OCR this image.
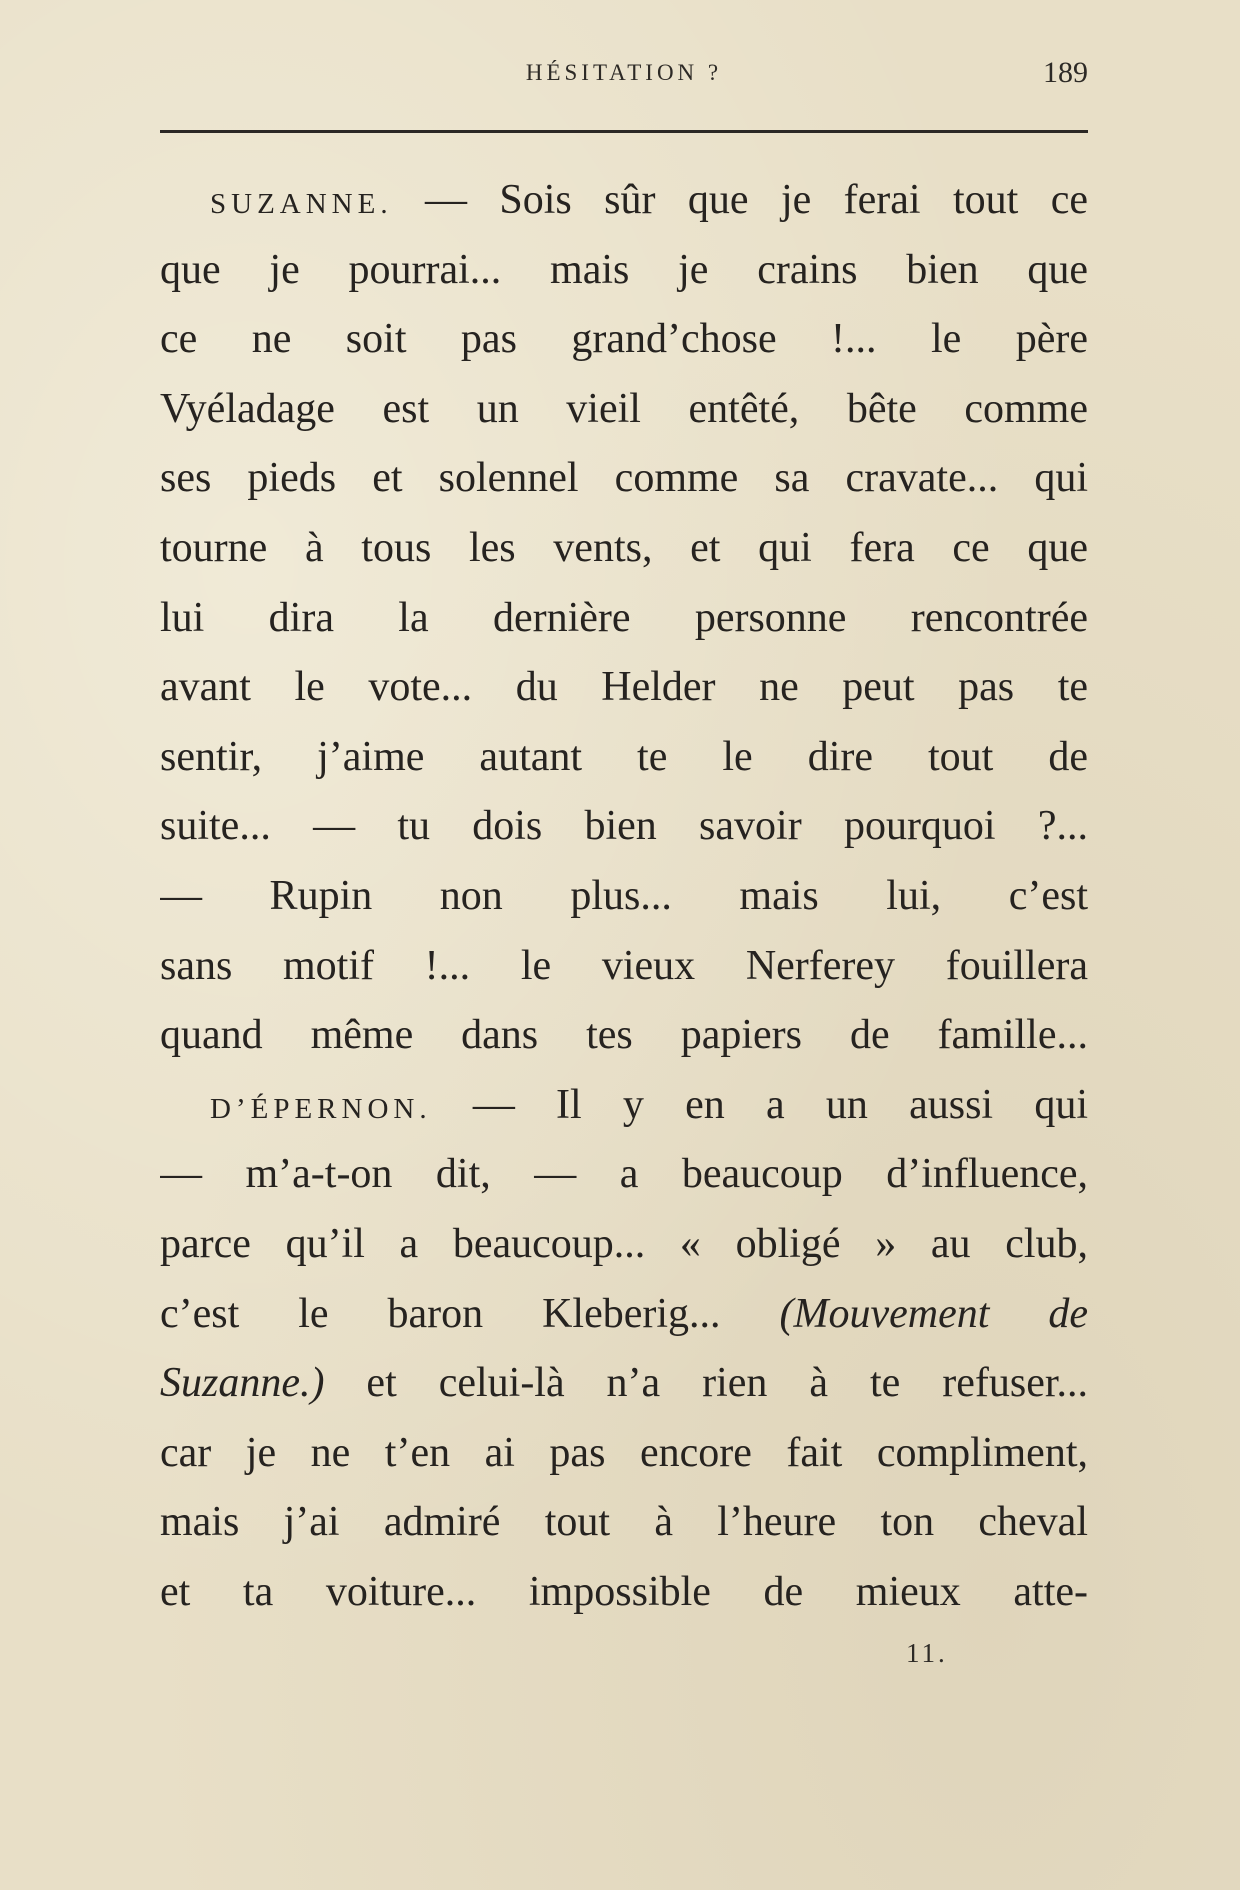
HÉSITATION ?	189
SUZANNE. — Sois sûr que je ferai tout ce
que je pourrai... mais je crains bien que
ce ne soit pas grand’chose !... le père
Vyéladage est un vieil entêté, bête comme
ses pieds et solennel comme sa cravate... qui
tourne à tous les vents, et qui fera ce que
lui dira la dernière personne rencontrée
avant le vote... du Helder ne peut pas te
sentir, j’aime autant te le dire tout de
suite... — tu dois bien savoir pourquoi ?...
— Rupin non plus... mais lui, c’est
sans motif !... le vieux Nerferey fouillera
quand même dans tes papiers de famille...
D’ÉPERNON. — Il y en a un aussi qui
— m’a-t-on dit, — a beaucoup d’influence,
parce qu’il a beaucoup... « obligé » au club,
c’est le baron Kleberig... (Mouvement de
Suzanne.) et celui-là n’a rien à te refuser...
car je ne t’en ai pas encore fait compliment,
mais j’ai admiré tout à l’heure ton cheval
et ta voiture... impossible de mieux atte-
11.
